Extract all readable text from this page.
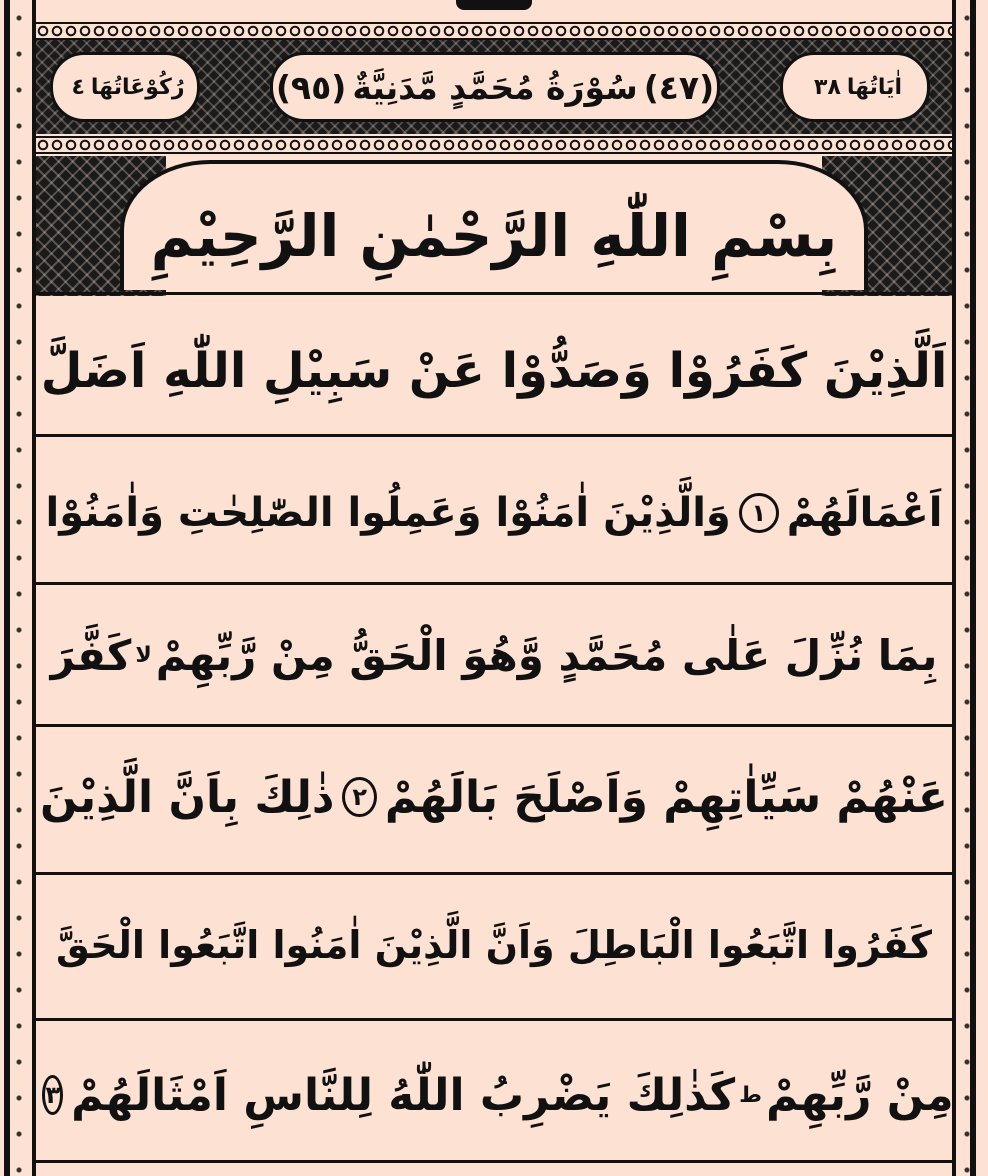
رُكُوْعَاتُهَا
٤	(٤٧)
سُوْرَةُ مُحَمَّدٍ مَّدَنِيَّةٌ
(٩٥)	اٰيَاتُهَا
٣٨
بِسْمِ اللّٰهِ الرَّحْمٰنِ الرَّحِيْمِ
اَلَّذِيْنَ كَفَرُوْا وَصَدُّوْا عَنْ سَبِيْلِ اللّٰهِ اَضَلَّ
اَعْمَالَهُمْ
١
وَالَّذِيْنَ اٰمَنُوْا وَعَمِلُوا الصّٰلِحٰتِ وَاٰمَنُوْا
بِمَا نُزِّلَ عَلٰى مُحَمَّدٍ وَّهُوَ الْحَقُّ مِنْ رَّبِّهِمْ
لا
كَفَّرَ
عَنْهُمْ سَيِّاٰتِهِمْ وَاَصْلَحَ بَالَهُمْ
٢
ذٰلِكَ بِاَنَّ الَّذِيْنَ
كَفَرُوا اتَّبَعُوا الْبَاطِلَ وَاَنَّ الَّذِيْنَ اٰمَنُوا اتَّبَعُوا الْحَقَّ
مِنْ رَّبِّهِمْ
ط
كَذٰلِكَ يَضْرِبُ اللّٰهُ لِلنَّاسِ اَمْثَالَهُمْ
٣
